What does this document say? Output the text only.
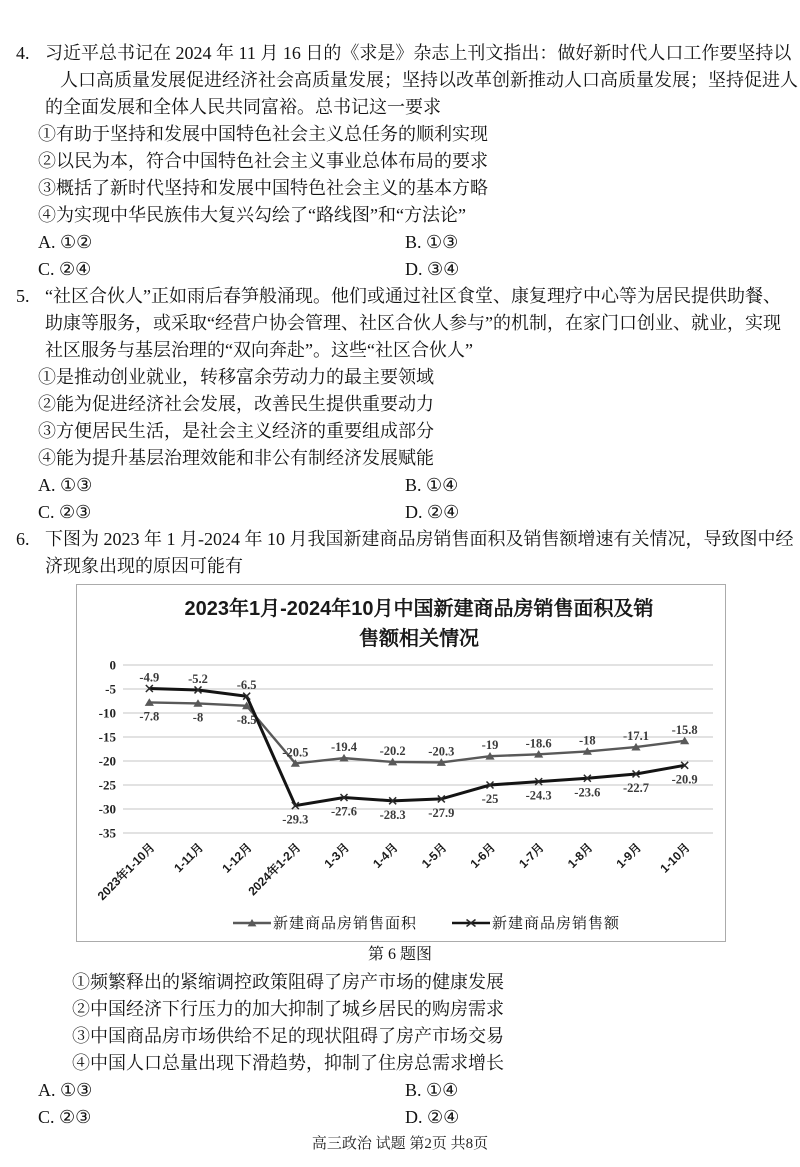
4. 习近平总书记在 2024 年 11 月 16 日的《求是》杂志上刊文指出：做好新时代人口工作要坚持以
人口高质量发展促进经济社会高质量发展；坚持以改革创新推动人口高质量发展；坚持促进人
的全面发展和全体人民共同富裕。总书记这一要求
①有助于坚持和发展中国特色社会主义总任务的顺利实现
②以民为本，符合中国特色社会主义事业总体布局的要求
③概括了新时代坚持和发展中国特色社会主义的基本方略
④为实现中华民族伟大复兴勾绘了“路线图”和“方法论”
A. ①②	B. ①③
C. ②④	D. ③④
5. “社区合伙人”正如雨后春笋般涌现。他们或通过社区食堂、康复理疗中心等为居民提供助餐、
助康等服务，或采取“经营户协会管理、社区合伙人参与”的机制，在家门口创业、就业，实现
社区服务与基层治理的“双向奔赴”。这些“社区合伙人”
①是推动创业就业，转移富余劳动力的最主要领域
②能为促进经济社会发展，改善民生提供重要动力
③方便居民生活，是社会主义经济的重要组成部分
④能为提升基层治理效能和非公有制经济发展赋能
A. ①③	B. ①④
C. ②③	D. ②④
6. 下图为 2023 年 1 月-2024 年 10 月我国新建商品房销售面积及销售额增速有关情况，导致图中经
济现象出现的原因可能有
2023年1月-2024年10月中国新建商品房销售面积及销
售额相关情况
0
-5
-10
-15
-20
-25
-30
-35
2023年1-10月 1-11月 1-12月
2024年1-2月 1-3月 1-4月 1-5月 1-6月 1-7月 1-8月 1-9月 1-10月
-7.8	-8	-8.5
-20.5 -19.4 -20.2 -20.3 -19 -18.6 -18 -17.1 -15.8
-4.9 -5.2 -6.5
-29.3
-27.6 -28.3 -27.9
-25 -24.3 -23.6 -22.7
-20.9
新建商品房销售面积	新建商品房销售额
第 6 题图
①频繁释出的紧缩调控政策阻碍了房产市场的健康发展
②中国经济下行压力的加大抑制了城乡居民的购房需求
③中国商品房市场供给不足的现状阻碍了房产市场交易
④中国人口总量出现下滑趋势，抑制了住房总需求增长
A. ①③	B. ①④
C. ②③	D. ②④
高三政治 试题 第2页 共8页
